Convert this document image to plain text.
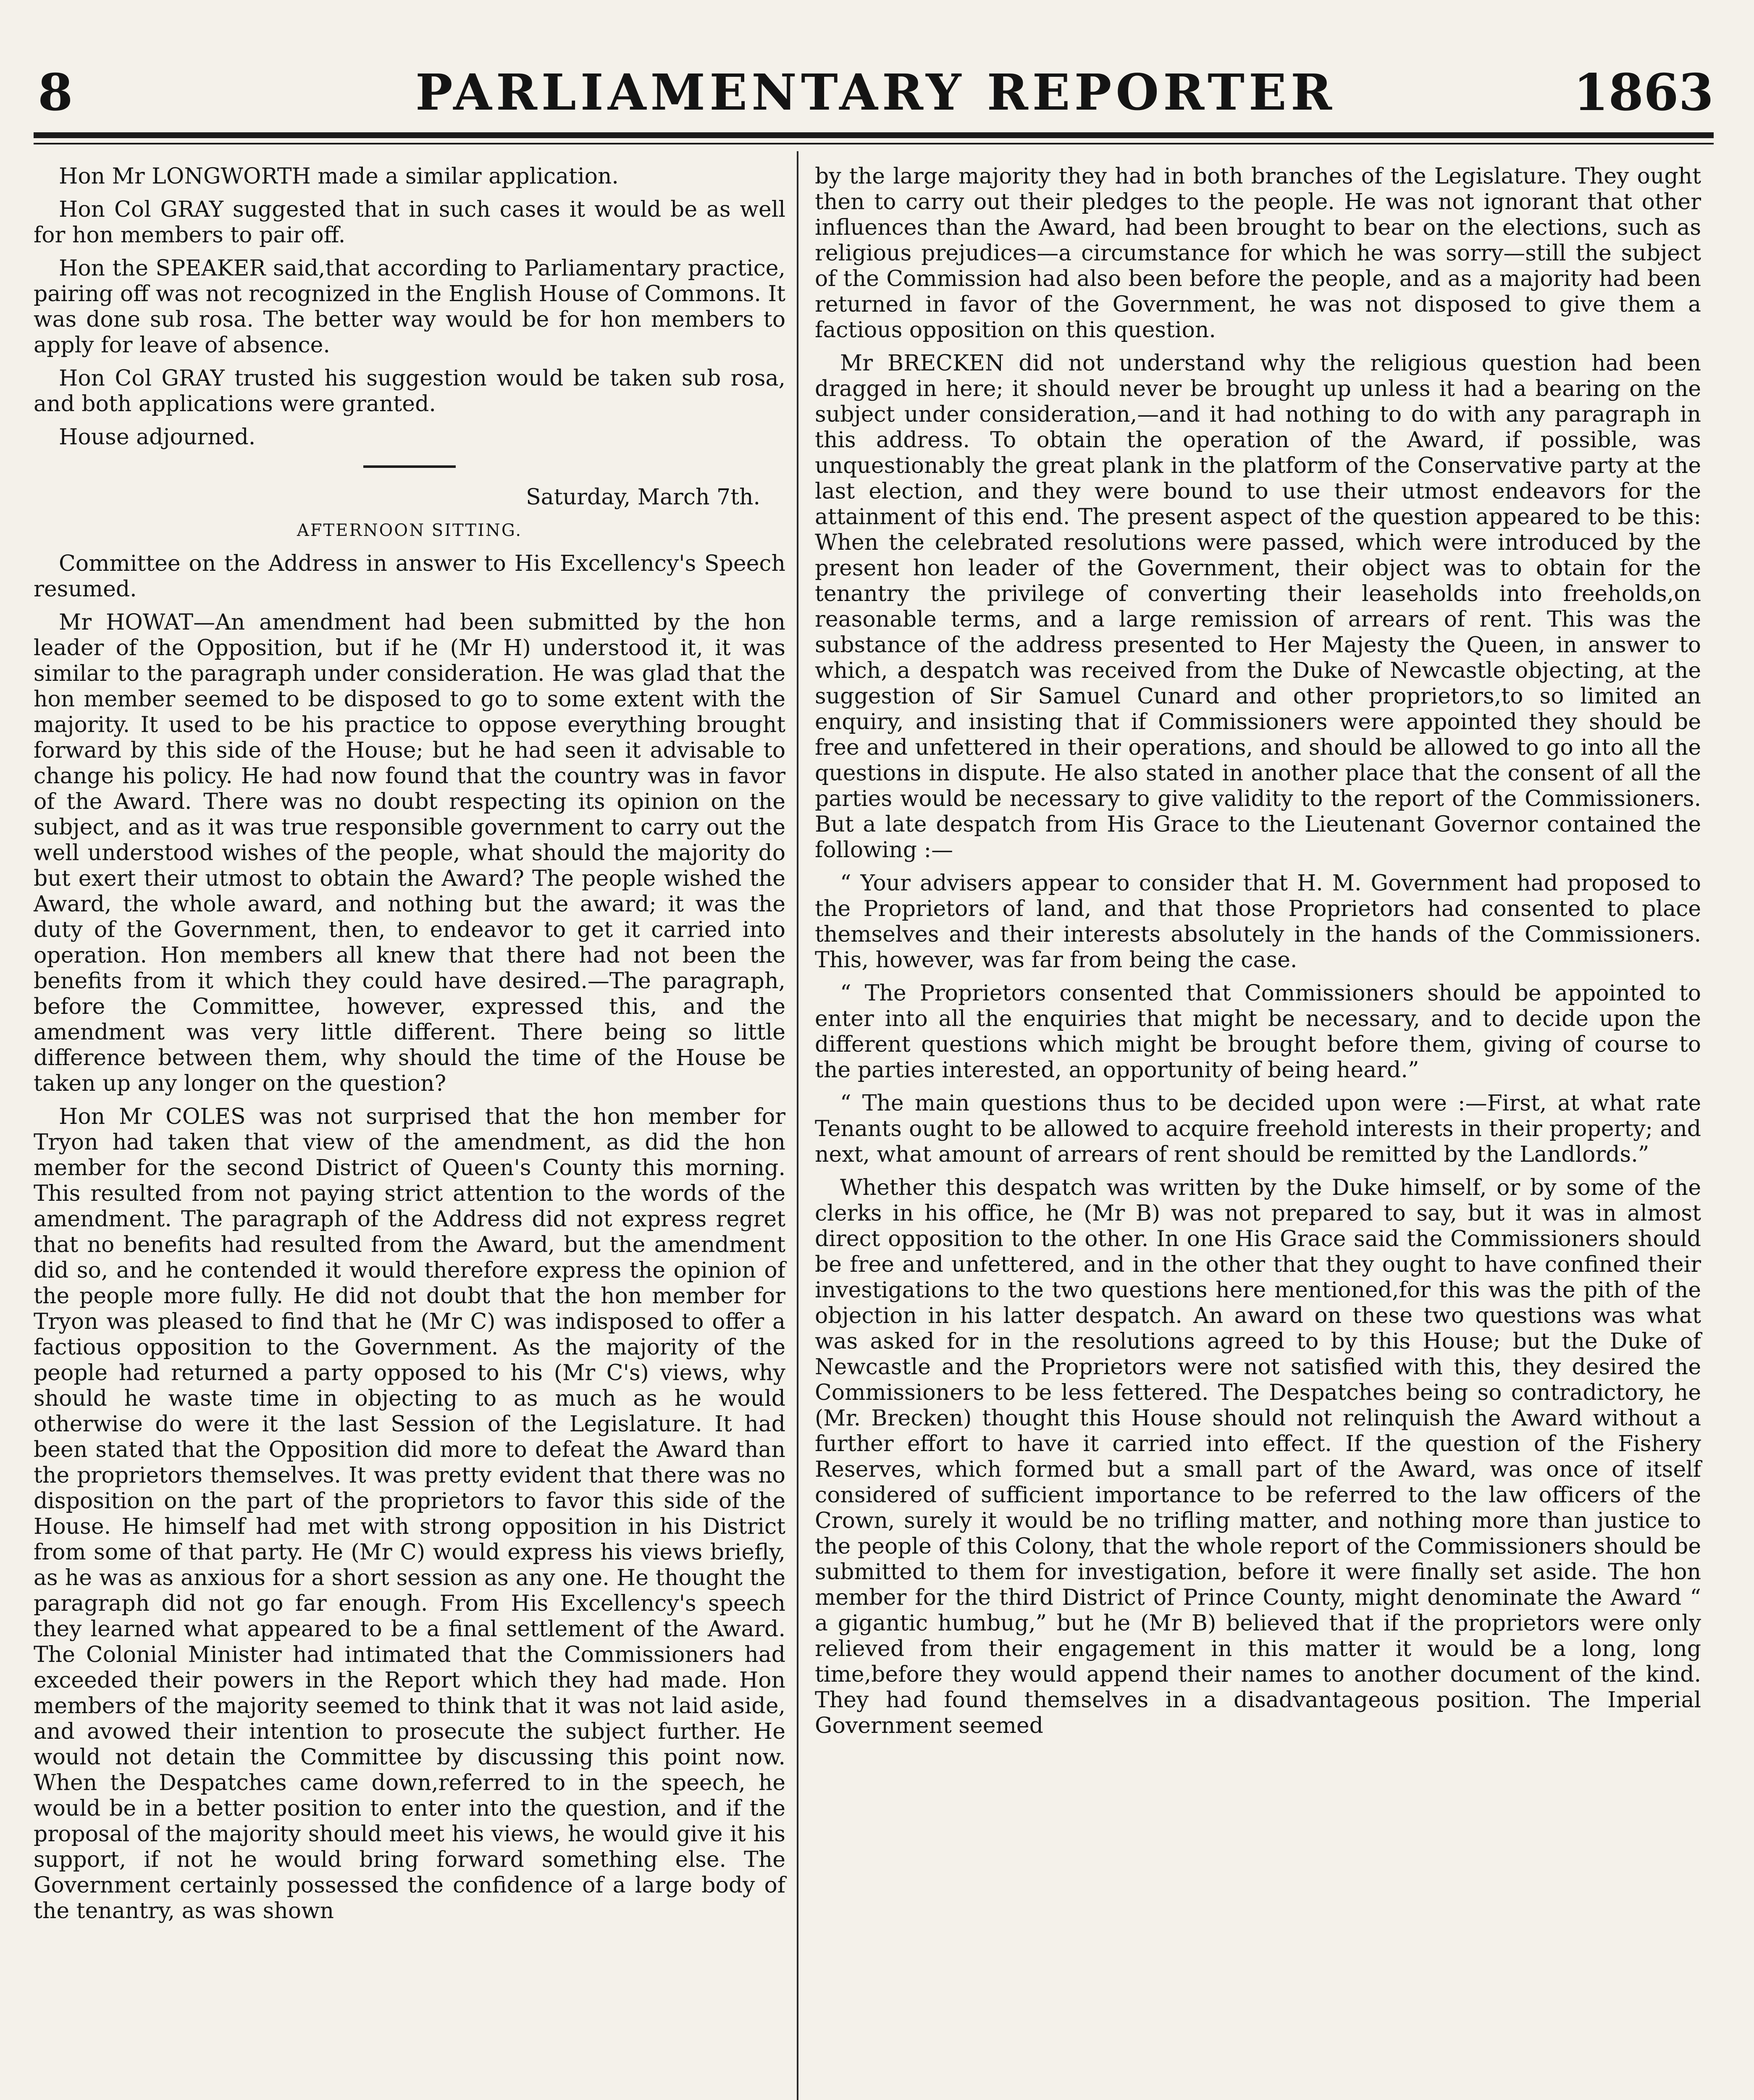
8	PARLIAMENTARY REPORTER	1863

Hon Mr LONGWORTH made a similar application.

Hon Col GRAY suggested that in such cases it would be as well for hon members to pair off.

Hon the SPEAKER said,that according to Parliamentary practice, pairing off was not recognized in the English House of Commons. It was done sub rosa. The better way would be for hon members to apply for leave of absence.

Hon Col GRAY trusted his suggestion would be taken sub rosa, and both applications were granted.

House adjourned.

Saturday, March 7th.

AFTERNOON SITTING.

Committee on the Address in answer to His Excellency's Speech resumed.

Mr HOWAT—An amendment had been submitted by the hon leader of the Opposition, but if he (Mr H) understood it, it was similar to the paragraph under consideration. He was glad that the hon member seemed to be disposed to go to some extent with the majority. It used to be his practice to oppose everything brought forward by this side of the House; but he had seen it advisable to change his policy. He had now found that the country was in favor of the Award. There was no doubt respecting its opinion on the subject, and as it was true responsible government to carry out the well understood wishes of the people, what should the majority do but exert their utmost to obtain the Award? The people wished the Award, the whole award, and nothing but the award; it was the duty of the Government, then, to endeavor to get it carried into operation. Hon members all knew that there had not been the benefits from it which they could have desired.—The paragraph, before the Committee, however, expressed this, and the amendment was very little different. There being so little difference between them, why should the time of the House be taken up any longer on the question?

Hon Mr COLES was not surprised that the hon member for Tryon had taken that view of the amendment, as did the hon member for the second District of Queen's County this morning. This resulted from not paying strict attention to the words of the amendment. The paragraph of the Address did not express regret that no benefits had resulted from the Award, but the amendment did so, and he contended it would therefore express the opinion of the people more fully. He did not doubt that the hon member for Tryon was pleased to find that he (Mr C) was indisposed to offer a factious opposition to the Government. As the majority of the people had returned a party opposed to his (Mr C's) views, why should he waste time in objecting to as much as he would otherwise do were it the last Session of the Legislature. It had been stated that the Opposition did more to defeat the Award than the proprietors themselves. It was pretty evident that there was no disposition on the part of the proprietors to favor this side of the House. He himself had met with strong opposition in his District from some of that party. He (Mr C) would express his views briefly, as he was as anxious for a short session as any one. He thought the paragraph did not go far enough. From His Excellency's speech they learned what appeared to be a final settlement of the Award. The Colonial Minister had intimated that the Commissioners had exceeded their powers in the Report which they had made. Hon members of the majority seemed to think that it was not laid aside, and avowed their intention to prosecute the subject further. He would not detain the Committee by discussing this point now. When the Despatches came down,referred to in the speech, he would be in a better position to enter into the question, and if the proposal of the majority should meet his views, he would give it his support, if not he would bring forward something else. The Government certainly possessed the confidence of a large body of the tenantry, as was shown

by the large majority they had in both branches of the Legislature. They ought then to carry out their pledges to the people. He was not ignorant that other influences than the Award, had been brought to bear on the elections, such as religious prejudices—a circumstance for which he was sorry—still the subject of the Commission had also been before the people, and as a majority had been returned in favor of the Government, he was not disposed to give them a factious opposition on this question.

Mr BRECKEN did not understand why the religious question had been dragged in here; it should never be brought up unless it had a bearing on the subject under consideration,—and it had nothing to do with any paragraph in this address. To obtain the operation of the Award, if possible, was unquestionably the great plank in the platform of the Conservative party at the last election, and they were bound to use their utmost endeavors for the attainment of this end. The present aspect of the question appeared to be this: When the celebrated resolutions were passed, which were introduced by the present hon leader of the Government, their object was to obtain for the tenantry the privilege of converting their leaseholds into freeholds,on reasonable terms, and a large remission of arrears of rent. This was the substance of the address presented to Her Majesty the Queen, in answer to which, a despatch was received from the Duke of Newcastle objecting, at the suggestion of Sir Samuel Cunard and other proprietors,to so limited an enquiry, and insisting that if Commissioners were appointed they should be free and unfettered in their operations, and should be allowed to go into all the questions in dispute. He also stated in another place that the consent of all the parties would be necessary to give validity to the report of the Commissioners. But a late despatch from His Grace to the Lieutenant Governor contained the following :—

“ Your advisers appear to consider that H. M. Government had proposed to the Proprietors of land, and that those Proprietors had consented to place themselves and their interests absolutely in the hands of the Commissioners. This, however, was far from being the case.

“ The Proprietors consented that Commissioners should be appointed to enter into all the enquiries that might be necessary, and to decide upon the different questions which might be brought before them, giving of course to the parties interested, an opportunity of being heard.”

“ The main questions thus to be decided upon were :—First, at what rate Tenants ought to be allowed to acquire freehold interests in their property; and next, what amount of arrears of rent should be remitted by the Landlords.”

Whether this despatch was written by the Duke himself, or by some of the clerks in his office, he (Mr B) was not prepared to say, but it was in almost direct opposition to the other. In one His Grace said the Commissioners should be free and unfettered, and in the other that they ought to have confined their investigations to the two questions here mentioned,for this was the pith of the objection in his latter despatch. An award on these two questions was what was asked for in the resolutions agreed to by this House; but the Duke of Newcastle and the Proprietors were not satisfied with this, they desired the Commissioners to be less fettered. The Despatches being so contradictory, he (Mr. Brecken) thought this House should not relinquish the Award without a further effort to have it carried into effect. If the question of the Fishery Reserves, which formed but a small part of the Award, was once of itself considered of sufficient importance to be referred to the law officers of the Crown, surely it would be no trifling matter, and nothing more than justice to the people of this Colony, that the whole report of the Commissioners should be submitted to them for investigation, before it were finally set aside. The hon member for the third District of Prince County, might denominate the Award “ a gigantic humbug,” but he (Mr B) believed that if the proprietors were only relieved from their engagement in this matter it would be a long, long time,before they would append their names to another document of the kind. They had found themselves in a disadvantageous position. The Imperial Government seemed
